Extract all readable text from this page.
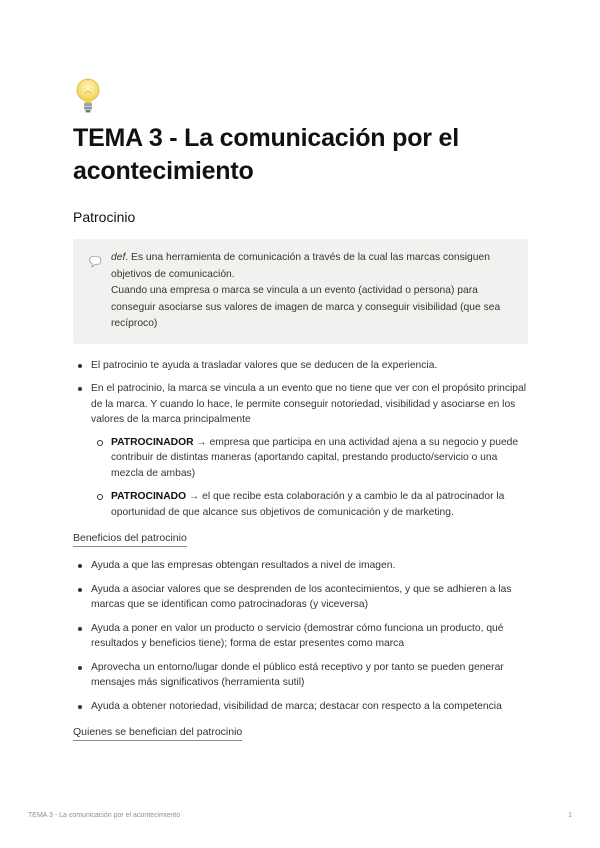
TEMA 3 - La comunicación por el acontecimiento
Patrocinio

def. Es una herramienta de comunicación a través de la cual las marcas consiguen objetivos de comunicación.

Cuando una empresa o marca se vincula a un evento (actividad o persona) para conseguir asociarse sus valores de imagen de marca y conseguir visibilidad (que sea recíproco)

El patrocinio te ayuda a trasladar valores que se deducen de la experiencia.
En el patrocinio, la marca se vincula a un evento que no tiene que ver con el propósito principal de la marca. Y cuando lo hace, le permite conseguir notoriedad, visibilidad y asociarse en los valores de la marca principalmente
PATROCINADOR → empresa que participa en una actividad ajena a su negocio y puede contribuir de distintas maneras (aportando capital, prestando producto/servicio o una mezcla de ambas)
PATROCINADO → el que recibe esta colaboración y a cambio le da al patrocinador la oportunidad de que alcance sus objetivos de comunicación y de marketing.
Beneficios del patrocinio
Ayuda a que las empresas obtengan resultados a nivel de imagen.
Ayuda a asociar valores que se desprenden de los acontecimientos, y que se adhieren a las marcas que se identifican como patrocinadoras (y viceversa)
Ayuda a poner en valor un producto o servicio (demostrar cómo funciona un producto, qué resultados y beneficios tiene); forma de estar presentes como marca
Aprovecha un entorno/lugar donde el público está receptivo y por tanto se pueden generar mensajes más significativos (herramienta sutil)
Ayuda a obtener notoriedad, visibilidad de marca; destacar con respecto a la competencia
Quienes se benefician del patrocinio
TEMA 3 - La comunicación por el acontecimiento	1
